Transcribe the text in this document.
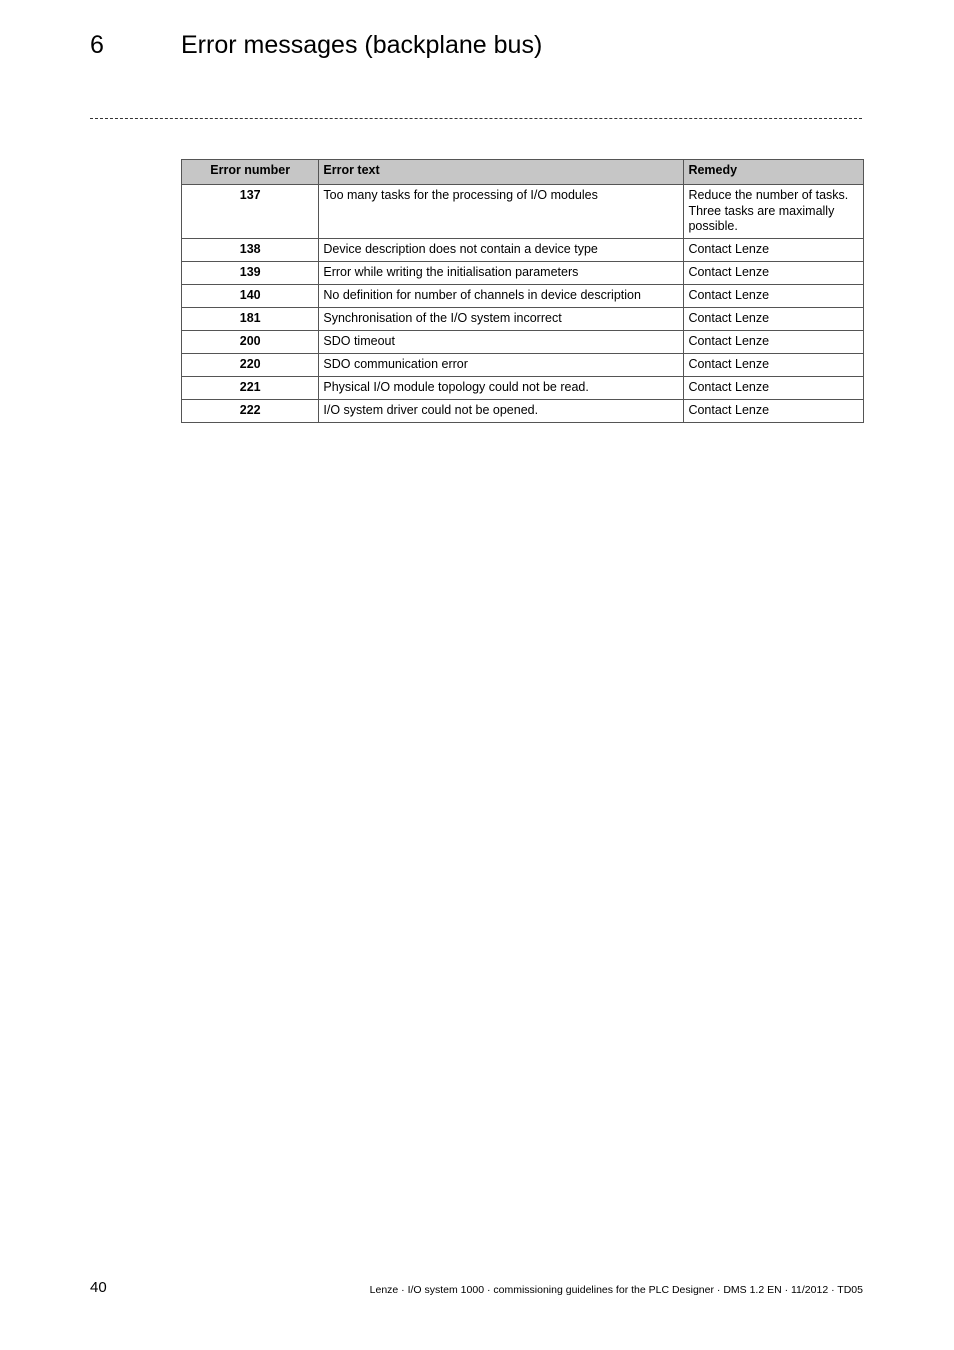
6	Error messages (backplane bus)
Error number	Error text	Remedy
137	Too many tasks for the processing of I/O modules	Reduce the number of tasks. Three tasks are maximally possible.
138	Device description does not contain a device type	Contact Lenze
139	Error while writing the initialisation parameters	Contact Lenze
140	No definition for number of channels in device description	Contact Lenze
181	Synchronisation of the I/O system incorrect	Contact Lenze
200	SDO timeout	Contact Lenze
220	SDO communication error	Contact Lenze
221	Physical I/O module topology could not be read.	Contact Lenze
222	I/O system driver could not be opened.	Contact Lenze
40	Lenze · I/O system 1000 · commissioning guidelines for the PLC Designer · DMS 1.2 EN · 11/2012 · TD05
